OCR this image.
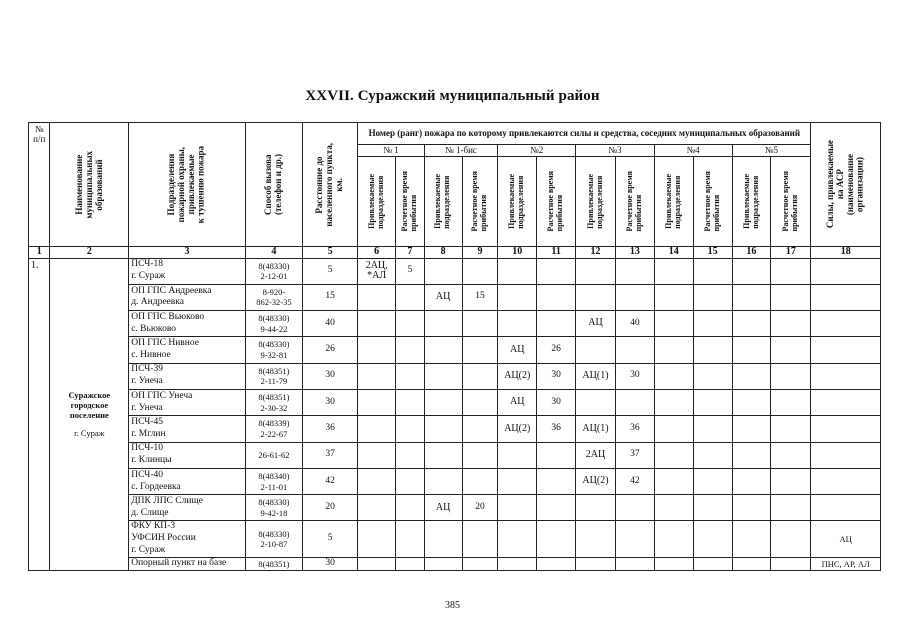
XXVII. Суражский муниципальный район
№
п/п	Наименование
муниципальных
образований	Подразделения
пожарной охраны,
привлекаемые
к тушению пожара	Способ вызова
(телефон и др.)	Расстояние до
населенного пункта,
км.	Номер (ранг) пожара по которому привлекаются силы и средства, соседних муниципальных образований												Силы, привлекаемые
на АСР
(наименование
организации)

					№ 1		№ 1-бис		№2		№3		№4		№5		

					Привлекаемые
подразделения	Расчетное время
прибытия	Привлекаемые
подразделения	Расчетное время
прибытия	Привлекаемые
подразделения	Расчетное время
прибытия	Привлекаемые
подразделения	Расчетное время
прибытия	Привлекаемые
подразделения	Расчетное время
прибытия	Привлекаемые
подразделения	Расчетное время
прибытия	

1	2	3	4	5	6	7	8	9	10	11	12	13	14	15	16	17	18
1.	Суражское
городское
поселение
г. Сураж	ПСЧ-18
г. Сураж	8(48330)
2-12-01	5	2АЦ,
*АЛ	5											
		ОП ГПС Андреевка
д. Андреевка	8-920-
862-32-35	15			АЦ	15									
		ОП ГПС Вьюково
с. Вьюково	8(48330)
9-44-22	40							АЦ	40					
		ОП ГПС Нивное
с. Нивное	8(48330)
9-32-81	26					АЦ	26							
		ПСЧ-39
г. Унеча	8(48351)
2-11-79	30					АЦ(2)	30	АЦ(1)	30					
		ОП ГПС Унеча
г. Унеча	8(48351)
2-30-32	30					АЦ	30							
		ПСЧ-45
г. Мглин	8(48339)
2-22-67	36					АЦ(2)	36	АЦ(1)	36					
		ПСЧ-10
г. Клинцы	26-61-62	37							2АЦ	37					
		ПСЧ-40
с. Гордеевка	8(48340)
2-11-01	42							АЦ(2)	42					
		ДПК ЛПС Слище
д. Слище	8(48330)
9-42-18	20			АЦ	20									
		ФКУ КП-3
УФСИН России
г. Сураж	8(48330)
2-10-87	5													АЦ
		Опорный пункт на базе	8(48351)	30													ПНС, АР, АЛ
385
